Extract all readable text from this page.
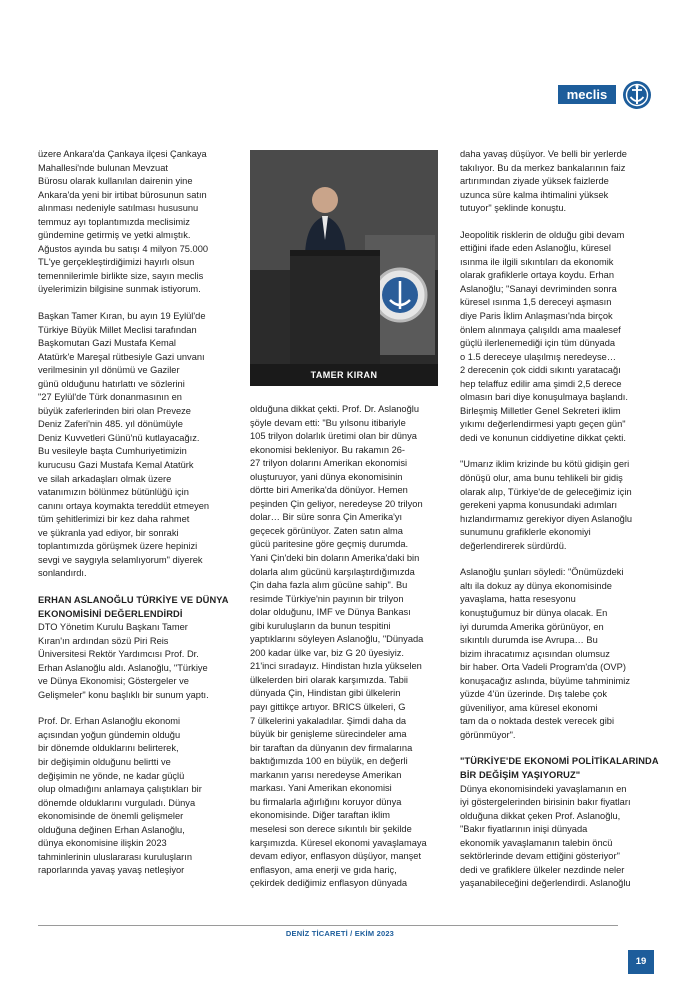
meclis
TAMER KIRAN

üzere Ankara'da Çankaya ilçesi Çankaya
Mahallesi'nde bulunan Mevzuat
Bürosu olarak kullanılan dairenin yine
Ankara'da yeni bir irtibat bürosunun satın
alınması nedeniyle satılması hususunu
temmuz ayı toplantımızda meclisimiz
gündemine getirmiş ve yetki almıştık.
Ağustos ayında bu satışı 4 milyon 75.000
TL'ye gerçekleştirdiğimizi hayırlı olsun
temennilerimle birlikte size, sayın meclis
üyelerimizin bilgisine sunmak istiyorum.

Başkan Tamer Kıran, bu ayın 19 Eylül'de
Türkiye Büyük Millet Meclisi tarafından
Başkomutan Gazi Mustafa Kemal
Atatürk'e Mareşal rütbesiyle Gazi unvanı
verilmesinin yıl dönümü ve Gaziler
günü olduğunu hatırlattı ve sözlerini
"27 Eylül'de Türk donanmasının en
büyük zaferlerinden biri olan Preveze
Deniz Zaferi'nin 485. yıl dönümüyle
Deniz Kuvvetleri Günü'nü kutlayacağız.
Bu vesileyle başta Cumhuriyetimizin
kurucusu Gazi Mustafa Kemal Atatürk
ve silah arkadaşları olmak üzere
vatanımızın bölünmez bütünlüğü için
canını ortaya koymakta tereddüt etmeyen
tüm şehitlerimizi bir kez daha rahmet
ve şükranla yad ediyor, bir sonraki
toplantımızda görüşmek üzere hepinizi
sevgi ve saygıyla selamlıyorum" diyerek
sonlandırdı.

ERHAN ASLANOĞLU TÜRKİYE VE DÜNYA
EKONOMİSİNİ DEĞERLENDİRDİ

DTO Yönetim Kurulu Başkanı Tamer
Kıran'ın ardından sözü Piri Reis
Üniversitesi Rektör Yardımcısı Prof. Dr.
Erhan Aslanoğlu aldı. Aslanoğlu, "Türkiye
ve Dünya Ekonomisi; Göstergeler ve
Gelişmeler" konu başlıklı bir sunum yaptı.

Prof. Dr. Erhan Aslanoğlu ekonomi
açısından yoğun gündemin olduğu
bir dönemde olduklarını belirterek,
bir değişimin olduğunu belirtti ve
değişimin ne yönde, ne kadar güçlü
olup olmadığını anlamaya çalıştıkları bir
dönemde olduklarını vurguladı. Dünya
ekonomisinde de önemli gelişmeler
olduğuna değinen Erhan Aslanoğlu,
dünya ekonomisine ilişkin 2023
tahminlerinin uluslararası kuruluşların
raporlarında yavaş yavaş netleşiyor

olduğuna dikkat çekti. Prof. Dr. Aslanoğlu
şöyle devam etti: "Bu yılsonu itibariyle
105 trilyon dolarlık üretimi olan bir dünya
ekonomisi bekleniyor. Bu rakamın 26-
27 trilyon dolarını Amerikan ekonomisi
oluşturuyor, yani dünya ekonomisinin
dörtte biri Amerika'da dönüyor. Hemen
peşinden Çin geliyor, neredeyse 20 trilyon
dolar… Bir süre sonra Çin Amerika'yı
geçecek görünüyor. Zaten satın alma
gücü paritesine göre geçmiş durumda.
Yani Çin'deki bin doların Amerika'daki bin
dolarla alım gücünü karşılaştırdığımızda
Çin daha fazla alım gücüne sahip". Bu
resimde Türkiye'nin payının bir trilyon
dolar olduğunu, IMF ve Dünya Bankası
gibi kuruluşların da bunun tespitini
yaptıklarını söyleyen Aslanoğlu, "Dünyada
200 kadar ülke var, biz G 20 üyesiyiz.
21'inci sıradayız. Hindistan hızla yükselen
ülkelerden biri olarak karşımızda. Tabii
dünyada Çin, Hindistan gibi ülkelerin
payı gittikçe artıyor. BRICS ülkeleri, G
7 ülkelerini yakaladılar. Şimdi daha da
büyük bir genişleme sürecindeler ama
bir taraftan da dünyanın dev firmalarına
baktığımızda 100 en büyük, en değerli
markanın yarısı neredeyse Amerikan
markası. Yani Amerikan ekonomisi
bu firmalarla ağırlığını koruyor dünya
ekonomisinde. Diğer taraftan iklim
meselesi son derece sıkıntılı bir şekilde
karşımızda. Küresel ekonomi yavaşlamaya
devam ediyor, enflasyon düşüyor, manşet
enflasyon, ama enerji ve gıda hariç,
çekirdek dediğimiz enflasyon dünyada

daha yavaş düşüyor. Ve belli bir yerlerde
takılıyor. Bu da merkez bankalarının faiz
artırımından ziyade yüksek faizlerde
uzunca süre kalma ihtimalini yüksek
tutuyor" şeklinde konuştu.

Jeopolitik risklerin de olduğu gibi devam
ettiğini ifade eden Aslanoğlu, küresel
ısınma ile ilgili sıkıntıları da ekonomik
olarak grafiklerle ortaya koydu. Erhan
Aslanoğlu; "Sanayi devriminden sonra
küresel ısınma 1,5 dereceyi aşmasın
diye Paris İklim Anlaşması'nda birçok
önlem alınmaya çalışıldı ama maalesef
güçlü ilerlenemediği için tüm dünyada
o 1.5 dereceye ulaşılmış neredeyse…
2 derecenin çok ciddi sıkıntı yaratacağı
hep telaffuz edilir ama şimdi 2,5 derece
olmasın bari diye konuşulmaya başlandı.
Birleşmiş Milletler Genel Sekreteri iklim
yıkımı değerlendirmesi yaptı geçen gün"
dedi ve konunun ciddiyetine dikkat çekti.

"Umarız iklim krizinde bu kötü gidişin geri
dönüşü olur, ama bunu tehlikeli bir gidiş
olarak alıp, Türkiye'de de geleceğimiz için
gerekeni yapma konusundaki adımları
hızlandırmamız gerekiyor diyen Aslanoğlu
sunumunu grafiklerle ekonomiyi
değerlendirerek sürdürdü.

Aslanoğlu şunları söyledi: "Önümüzdeki
altı ila dokuz ay dünya ekonomisinde
yavaşlama, hatta resesyonu
konuştuğumuz bir dünya olacak. En
iyi durumda Amerika görünüyor, en
sıkıntılı durumda ise Avrupa… Bu
bizim ihracatımız açısından olumsuz
bir haber. Orta Vadeli Program'da (OVP)
konuşacağız aslında, büyüme tahminimiz
yüzde 4'ün üzerinde. Dış talebe çok
güveniliyor, ama küresel ekonomi
tam da o noktada destek verecek gibi
görünmüyor".

"TÜRKİYE'DE EKONOMİ POLİTİKALARINDA
BİR DEĞİŞİM YAŞIYORUZ"

Dünya ekonomisindeki yavaşlamanın en
iyi göstergelerinden birisinin bakır fiyatları
olduğuna dikkat çeken Prof. Aslanoğlu,
"Bakır fiyatlarının inişi dünyada
ekonomik yavaşlamanın talebin öncü
sektörlerinde devam ettiğini gösteriyor"
dedi ve grafiklere ülkeler nezdinde neler
yaşanabileceğini değerlendirdi. Aslanoğlu

DENİZ TİCARETİ / EKİM 2023
19
